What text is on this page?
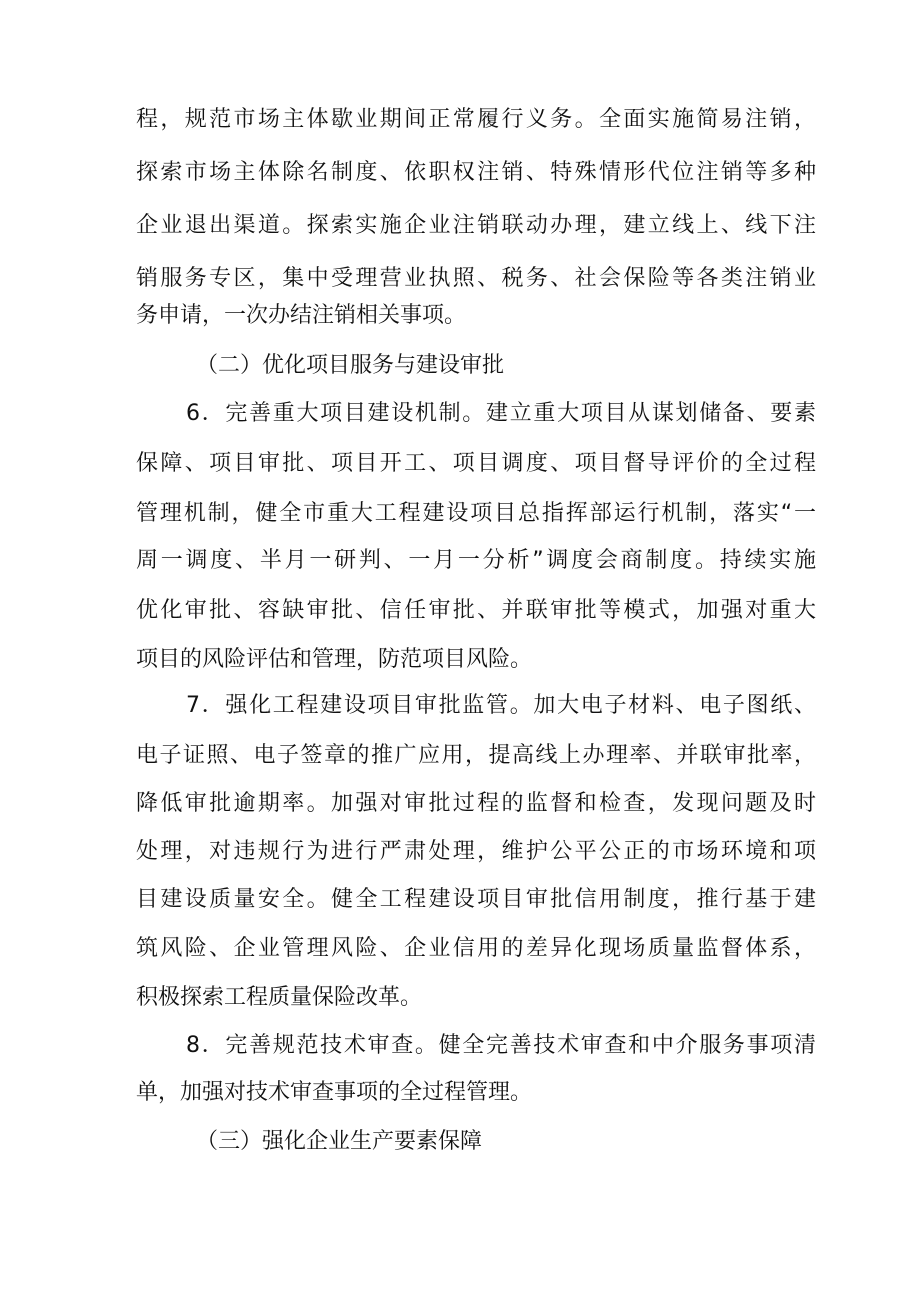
程，规范市场主体歇业期间正常履行义务。全面实施简易注销，
探索市场主体除名制度、依职权注销、特殊情形代位注销等多种
企业退出渠道。探索实施企业注销联动办理，建立线上、线下注
销服务专区，集中受理营业执照、税务、社会保险等各类注销业
务申请，一次办结注销相关事项。
（二）优化项目服务与建设审批
6．完善重大项目建设机制。建立重大项目从谋划储备、要素
保障、项目审批、项目开工、项目调度、项目督导评价的全过程
管理机制，健全市重大工程建设项目总指挥部运行机制，落实“一
周一调度、半月一研判、一月一分析”调度会商制度。持续实施
优化审批、容缺审批、信任审批、并联审批等模式，加强对重大
项目的风险评估和管理，防范项目风险。
7．强化工程建设项目审批监管。加大电子材料、电子图纸、
电子证照、电子签章的推广应用，提高线上办理率、并联审批率，
降低审批逾期率。加强对审批过程的监督和检查，发现问题及时
处理，对违规行为进行严肃处理，维护公平公正的市场环境和项
目建设质量安全。健全工程建设项目审批信用制度，推行基于建
筑风险、企业管理风险、企业信用的差异化现场质量监督体系，
积极探索工程质量保险改革。
8．完善规范技术审查。健全完善技术审查和中介服务事项清
单，加强对技术审查事项的全过程管理。
（三）强化企业生产要素保障
